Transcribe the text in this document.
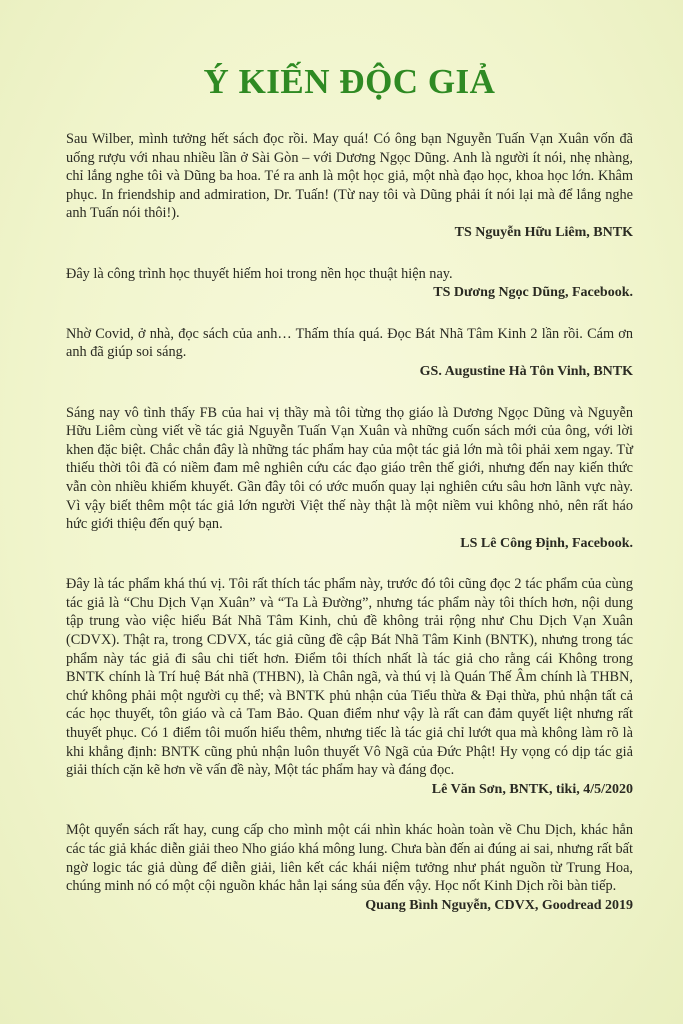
Ý KIẾN ĐỘC GIẢ

Sau Wilber, mình tưởng hết sách đọc rồi. May quá! Có ông bạn Nguyễn Tuấn Vạn Xuân vốn đã uống rượu với nhau nhiều lần ở Sài Gòn – với Dương Ngọc Dũng. Anh là người ít nói, nhẹ nhàng, chỉ lắng nghe tôi và Dũng ba hoa. Té ra anh là một học giả, một nhà đạo học, khoa học lớn. Khâm phục. In friendship and admiration, Dr. Tuấn! (Từ nay tôi và Dũng phải ít nói lại mà để lắng nghe anh Tuấn nói thôi!).

TS Nguyễn Hữu Liêm, BNTK

Đây là công trình học thuyết hiếm hoi trong nền học thuật hiện nay.

TS Dương Ngọc Dũng, Facebook.

Nhờ Covid, ở nhà, đọc sách của anh… Thấm thía quá. Đọc Bát Nhã Tâm Kinh 2 lần rồi. Cám ơn anh đã giúp soi sáng.

GS. Augustine Hà Tôn Vinh, BNTK

Sáng nay vô tình thấy FB của hai vị thầy mà tôi từng thọ giáo là Dương Ngọc Dũng và Nguyễn Hữu Liêm cùng viết về tác giả Nguyễn Tuấn Vạn Xuân và những cuốn sách mới của ông, với lời khen đặc biệt. Chắc chắn đây là những tác phẩm hay của một tác giả lớn mà tôi phải xem ngay. Từ thiếu thời tôi đã có niềm đam mê nghiên cứu các đạo giáo trên thế giới, nhưng đến nay kiến thức vẫn còn nhiều khiếm khuyết. Gần đây tôi có ước muốn quay lại nghiên cứu sâu hơn lãnh vực này. Vì vậy biết thêm một tác giả lớn người Việt thế này thật là một niềm vui không nhỏ, nên rất háo hức giới thiệu đến quý bạn.

LS Lê Công Định, Facebook.

Đây là tác phẩm khá thú vị. Tôi rất thích tác phẩm này, trước đó tôi cũng đọc 2 tác phẩm của cùng tác giả là “Chu Dịch Vạn Xuân” và “Ta Là Đường”, nhưng tác phẩm này tôi thích hơn, nội dung tập trung vào việc hiểu Bát Nhã Tâm Kinh, chủ đề không trải rộng như Chu Dịch Vạn Xuân (CDVX). Thật ra, trong CDVX, tác giả cũng đề cập Bát Nhã Tâm Kinh (BNTK), nhưng trong tác phẩm này tác giả đi sâu chi tiết hơn. Điểm tôi thích nhất là tác giả cho rằng cái Không trong BNTK chính là Trí huệ Bát nhã (THBN), là Chân ngã, và thú vị là Quán Thế Âm chính là THBN, chứ không phải một người cụ thể; và BNTK phủ nhận của Tiểu thừa & Đại thừa, phủ nhận tất cả các học thuyết, tôn giáo và cả Tam Bảo. Quan điểm như vậy là rất can đảm quyết liệt nhưng rất thuyết phục. Có 1 điểm tôi muốn hiểu thêm, nhưng tiếc là tác giả chỉ lướt qua mà không làm rõ là khi khẳng định: BNTK cũng phủ nhận luôn thuyết Vô Ngã của Đức Phật! Hy vọng có dịp tác giả giải thích cặn kẽ hơn về vấn đề này, Một tác phẩm hay và đáng đọc.

Lê Văn Sơn, BNTK, tiki, 4/5/2020

Một quyển sách rất hay, cung cấp cho mình một cái nhìn khác hoàn toàn về Chu Dịch, khác hẳn các tác giả khác diễn giải theo Nho giáo khá mông lung. Chưa bàn đến ai đúng ai sai, nhưng rất bất ngờ logic tác giả dùng để diễn giải, liên kết các khái niệm tưởng như phát nguồn từ Trung Hoa, chúng minh nó có một cội nguồn khác hẳn lại sáng sủa đến vậy. Học nốt Kinh Dịch rồi bàn tiếp.

Quang Bình Nguyễn, CDVX, Goodread 2019
